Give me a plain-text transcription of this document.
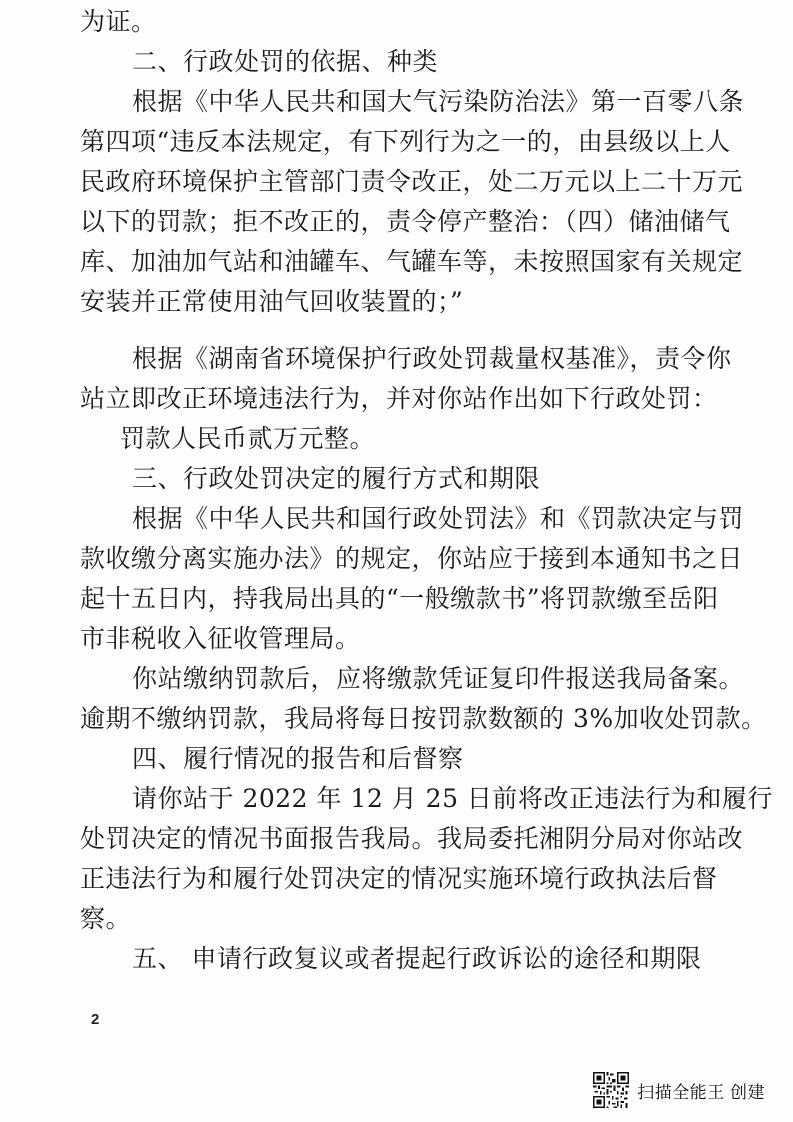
为证。
二、行政处罚的依据、种类
根据《中华人民共和国大气污染防治法》第一百零八条
第四项“违反本法规定，有下列行为之一的，由县级以上人
民政府环境保护主管部门责令改正，处二万元以上二十万元
以下的罚款；拒不改正的，责令停产整治：（四）储油储气
库、加油加气站和油罐车、气罐车等，未按照国家有关规定
安装并正常使用油气回收装置的；”
根据《湖南省环境保护行政处罚裁量权基准》，责令你
站立即改正环境违法行为，并对你站作出如下行政处罚：
罚款人民币贰万元整。
三、行政处罚决定的履行方式和期限
根据《中华人民共和国行政处罚法》和《罚款决定与罚
款收缴分离实施办法》的规定，你站应于接到本通知书之日
起十五日内，持我局出具的“一般缴款书”将罚款缴至岳阳
市非税收入征收管理局。
你站缴纳罚款后，应将缴款凭证复印件报送我局备案。
逾期不缴纳罚款，我局将每日按罚款数额的 3%加收处罚款。
四、履行情况的报告和后督察
请你站于 2022 年 12 月 25 日前将改正违法行为和履行
处罚决定的情况书面报告我局。我局委托湘阴分局对你站改
正违法行为和履行处罚决定的情况实施环境行政执法后督
察。
五、 申请行政复议或者提起行政诉讼的途径和期限
2
扫描全能王 创建
